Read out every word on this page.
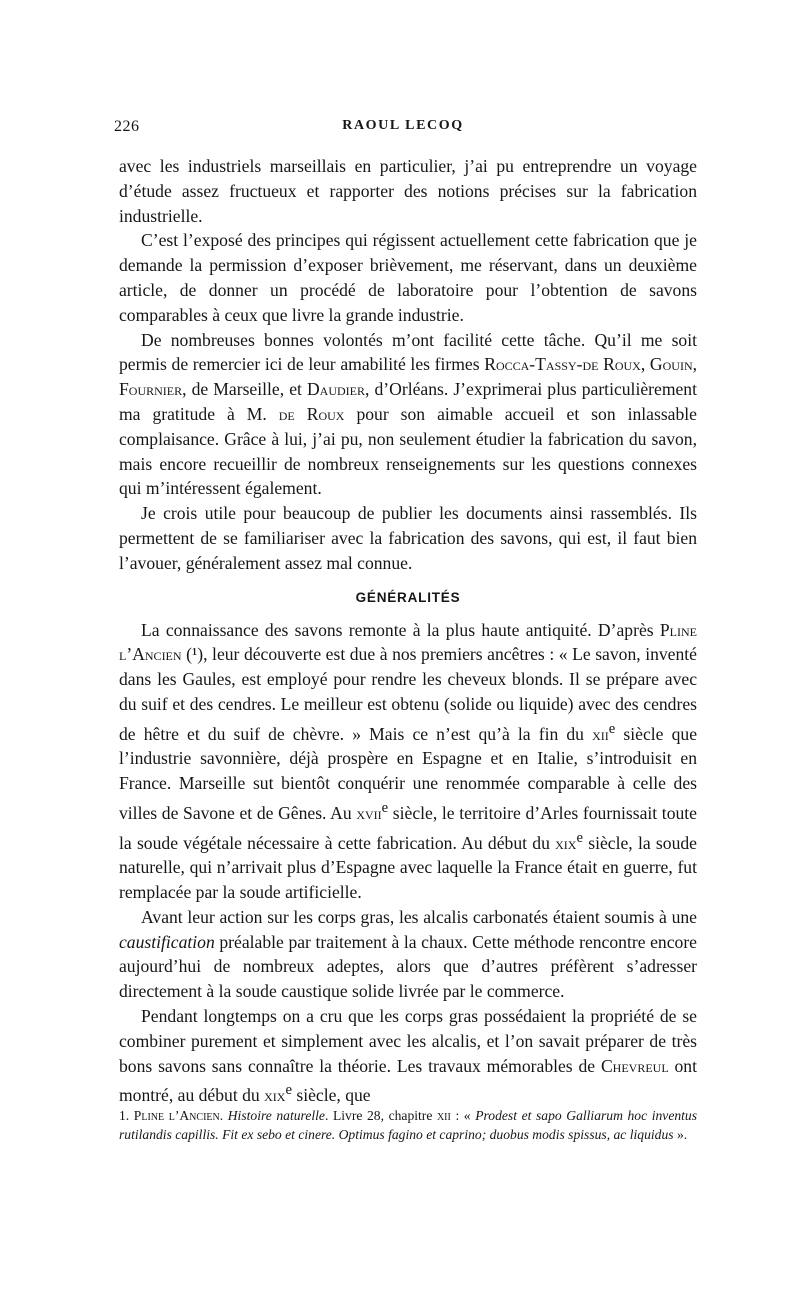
226	RAOUL LECOQ

avec les industriels marseillais en particulier, j’ai pu entreprendre un voyage d’étude assez fructueux et rapporter des notions précises sur la fabrication industrielle.

C’est l’exposé des principes qui régissent actuellement cette fabrication que je demande la permission d’exposer brièvement, me réservant, dans un deuxième article, de donner un procédé de laboratoire pour l’obtention de savons comparables à ceux que livre la grande industrie.

De nombreuses bonnes volontés m’ont facilité cette tâche. Qu’il me soit permis de remercier ici de leur amabilité les firmes Rocca-Tassy-de Roux, Gouin, Fournier, de Marseille, et Daudier, d’Orléans. J’exprimerai plus particulièrement ma gratitude à M. de Roux pour son aimable accueil et son inlassable complaisance. Grâce à lui, j’ai pu, non seulement étudier la fabrication du savon, mais encore recueillir de nombreux renseignements sur les questions connexes qui m’intéressent également.

Je crois utile pour beaucoup de publier les documents ainsi rassemblés. Ils permettent de se familiariser avec la fabrication des savons, qui est, il faut bien l’avouer, généralement assez mal connue.

GÉNÉRALITÉS

La connaissance des savons remonte à la plus haute antiquité. D’après Pline l’Ancien (¹), leur découverte est due à nos premiers ancêtres : « Le savon, inventé dans les Gaules, est employé pour rendre les cheveux blonds. Il se prépare avec du suif et des cendres. Le meilleur est obtenu (solide ou liquide) avec des cendres de hêtre et du suif de chèvre. » Mais ce n’est qu’à la fin du xii$^e$ siècle que l’industrie savonnière, déjà prospère en Espagne et en Italie, s’introduisit en France. Marseille sut bientôt conquérir une renommée comparable à celle des villes de Savone et de Gênes. Au xvii$^e$ siècle, le territoire d’Arles fournissait toute la soude végétale nécessaire à cette fabrication. Au début du xix$^e$ siècle, la soude naturelle, qui n’arrivait plus d’Espagne avec laquelle la France était en guerre, fut remplacée par la soude artificielle.

Avant leur action sur les corps gras, les alcalis carbonatés étaient soumis à une caustification préalable par traitement à la chaux. Cette méthode rencontre encore aujourd’hui de nombreux adeptes, alors que d’autres préfèrent s’adresser directement à la soude caustique solide livrée par le commerce.

Pendant longtemps on a cru que les corps gras possédaient la propriété de se combiner purement et simplement avec les alcalis, et l’on savait préparer de très bons savons sans connaître la théorie. Les travaux mémorables de Chevreul ont montré, au début du xix$^e$ siècle, que

1. Pline l’Ancien. Histoire naturelle. Livre 28, chapitre xii : « Prodest et sapo Galliarum hoc inventus rutilandis capillis. Fit ex sebo et cinere. Optimus fagino et caprino; duobus modis spissus, ac liquidus ».
